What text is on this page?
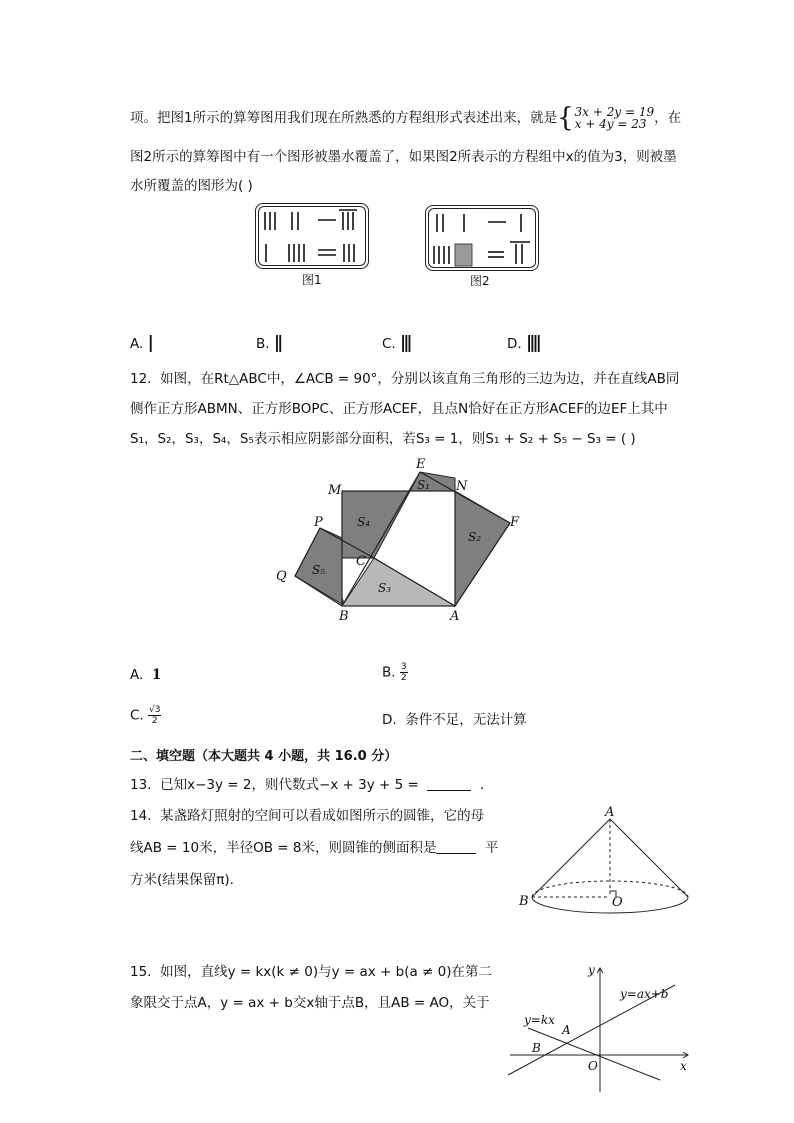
项。把图1所示的算筹图用我们现在所熟悉的方程组形式表述出来，就是{ 3x + 2y = 19
x + 4y = 23 ，在
图2所示的算筹图中有一个图形被墨水覆盖了，如果图2所表示的方程组中x的值为3，则被墨
水所覆盖的图形为( )
图1	图2
A. |	B. ||	C. |||	D. ||||
12. 如图，在Rt△ABC中，∠ACB = 90°，分别以该直角三角形的三边为边，并在直线AB同
侧作正方形ABMN、正方形BOPC、正方形ACEF，且点N恰好在正方形ACEF的边EF上其中
S₁，S₂，S₃，S₄，S₅表示相应阴影部分面积，若S₃ = 1，则S₁ + S₂ + S₅ − S₃ = ( )
E
M	N
F
P
C
Q
B	A
S₁
S₂
S₃
S₄
S₅
A. 1	B. $\frac{3}{2}$
C. $\frac{√3}{2}$	D. 条件不足，无法计算
二、填空题（本大题共 4 小题，共 16.0 分）
13. 已知x−3y = 2，则代数式−x + 3y + 5 =	.
14. 某盏路灯照射的空间可以看成如图所示的圆锥，它的母
线AB = 10米，半径OB = 8米，则圆锥的侧面积是	平
方米(结果保留π)．
A
B	O
15. 如图，直线y = kx(k ≠ 0)与y = ax + b(a ≠ 0)在第二
象限交于点A，y = ax + b交x轴于点B，且AB = AO，关于
y
x
O
A
B
y=ax+b
y=kx
